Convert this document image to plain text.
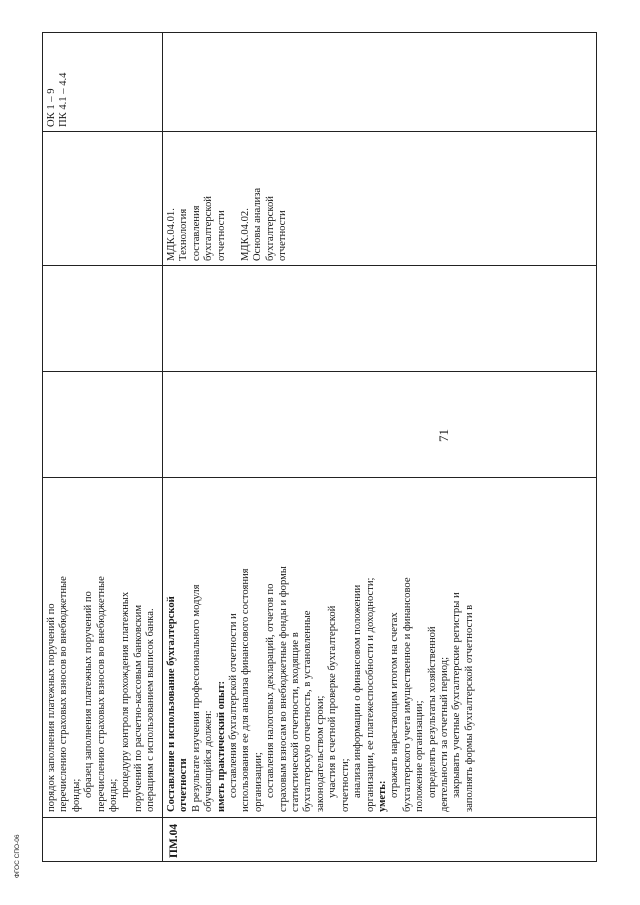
порядок заполнения платежных поручений по перечислению страховых взносов во внебюджетные фонды; образец заполнения платежных поручений по перечислению страховых взносов во внебюджетные фонды; процедуру контроля прохождения платежных поручений по расчетно-кассовым банковским операциям с использованием выписок банка.

ОК 1 – 9 ПК 4.1 – 4.4

ПМ.04

Составление и использование бухгалтерской отчетности В результате изучения профессионального модуля обучающийся должен: иметь практический опыт: составления бухгалтерской отчетности и использования ее для анализа финансового состояния организации; составления налоговых деклараций, отчетов по страховым взносам во внебюджетные фонды и формы статистической отчетности, входящие в бухгалтерскую отчетность, в установленные законодательством сроки; участия в счетной проверке бухгалтерской отчетности; анализа информации о финансовом положении организации, ее платежеспособности и доходности; уметь: отражать нарастающим итогом на счетах бухгалтерского учета имущественное и финансовое положение организации; определять результаты хозяйственной деятельности за отчетный период; закрывать учетные бухгалтерские регистры и заполнять формы бухгалтерской отчетности в

МДК.04.01. Технология составления бухгалтерской отчетности МДК.04.02. Основы анализа бухгалтерской отчетности

71
ФГОС СПО-06
